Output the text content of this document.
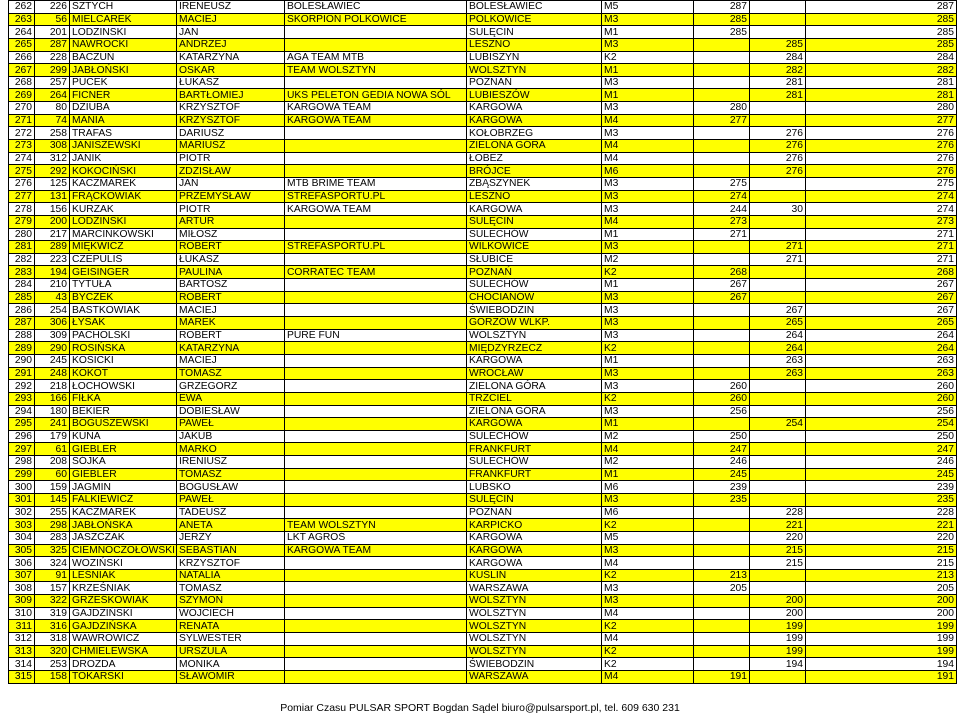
262	226	SZTYCH	IRENEUSZ	BOLESŁAWIEC	BOLESŁAWIEC	M5	287		287
263	56	MIELCAREK	MACIEJ	SKORPION POLKOWICE	POLKOWICE	M3	285		285
264	201	LODZINSKI	JAN		SULĘCIN	M1	285		285
265	287	NAWROCKI	ANDRZEJ		LESZNO	M3		285	285
266	228	BACZUŃ	KATARZYNA	AGA TEAM MTB	LUBISZYN	K2		284	284
267	299	JABŁOŃSKI	OSKAR	TEAM WOLSZTYN	WOLSZTYN	M1		282	282
268	257	PUCEK	ŁUKASZ		POZNAŃ	M3		281	281
269	264	FICNER	BARTŁOMIEJ	UKS PELETON GEDIA NOWA SÓL	LUBIESZÓW	M1		281	281
270	80	DZIUBA	KRZYSZTOF	KARGOWA TEAM	KARGOWA	M3	280		280
271	74	MANIA	KRZYSZTOF	KARGOWA TEAM	KARGOWA	M4	277		277
272	258	TRAFAS	DARIUSZ		KOŁOBRZEG	M3		276	276
273	308	JANISZEWSKI	MARIUSZ		ZIELONA GÓRA	M4		276	276
274	312	JANIK	PIOTR		ŁOBEZ	M4		276	276
275	292	KOKOCIŃSKI	ZDZISŁAW		BRÓJCE	M6		276	276
276	125	KACZMAREK	JAN	MTB BRIME TEAM	ZBĄSZYNEK	M3	275		275
277	131	FRĄCKOWIAK	PRZEMYSŁAW	STREFASPORTU.PL	LESZNO	M3	274		274
278	156	KURZAK	PIOTR	KARGOWA TEAM	KARGOWA	M3	244	30	274
279	200	LODZINSKI	ARTUR		SULĘCIN	M4	273		273
280	217	MARCINKOWSKI	MIŁOSZ		SULECHÓW	M1	271		271
281	289	MIĘKWICZ	ROBERT	STREFASPORTU.PL	WILKOWICE	M3		271	271
282	223	CZEPULIS	ŁUKASZ		SŁUBICE	M2		271	271
283	194	GEISINGER	PAULINA	CORRATEC TEAM	POZNAŃ	K2	268		268
284	210	TYTUŁA	BARTOSZ		SULECHÓW	M1	267		267
285	43	BYCZEK	ROBERT		CHOCIANÓW	M3	267		267
286	254	BASTKOWIAK	MACIEJ		ŚWIEBODZIN	M3		267	267
287	306	ŁYSAK	MAREK		GORZÓW WLKP.	M3		265	265
288	309	PACHOLSKI	ROBERT	PURE FUN	WOLSZTYN	M3		264	264
289	290	ROSIŃSKA	KATARZYNA		MIĘDZYRZECZ	K2		264	264
290	245	KOSICKI	MACIEJ		KARGOWA	M1		263	263
291	248	KOKOT	TOMASZ		WROCŁAW	M3		263	263
292	218	ŁOCHOWSKI	GRZEGORZ		ZIELONA GÓRA	M3	260		260
293	166	FIŁKA	EWA		TRZCIEL	K2	260		260
294	180	BEKIER	DOBIESŁAW		ZIELONA GÓRA	M3	256		256
295	241	BOGUSZEWSKI	PAWEŁ		KARGOWA	M1		254	254
296	179	KUNA	JAKUB		SULECHÓW	M2	250		250
297	61	GIEBLER	MARKO		FRANKFURT	M4	247		247
298	208	SÓJKA	IRENIUSZ		SULECHÓW	M2	246		246
299	60	GIEBLER	TOMASZ		FRANKFURT	M1	245		245
300	159	JAGMIN	BOGUSŁAW		LUBSKO	M6	239		239
301	145	FALKIEWICZ	PAWEŁ		SULĘCIN	M3	235		235
302	255	KACZMAREK	TADEUSZ		POZNAŃ	M6		228	228
303	298	JABŁOŃSKA	ANETA	TEAM WOLSZTYN	KARPICKO	K2		221	221
304	283	JASZCZAK	JERZY	LKT AGROŚ	KARGOWA	M5		220	220
305	325	CIEMNOCZOŁOWSKI	SEBASTIAN	KARGOWA TEAM	KARGOWA	M3		215	215
306	324	WOZIŃSKI	KRZYSZTOF		KARGOWA	M4		215	215
307	91	LEŚNIAK	NATALIA		KUŚLIN	K2	213		213
308	157	KRZEŚNIAK	TOMASZ		WARSZAWA	M3	205		205
309	322	GRZEŚKOWIAK	SZYMON		WOLSZTYN	M3		200	200
310	319	GAJDZIŃSKI	WOJCIECH		WOLSZTYN	M4		200	200
311	316	GAJDZIŃSKA	RENATA		WOLSZTYN	K2		199	199
312	318	WAWROWICZ	SYLWESTER		WOLSZTYN	M4		199	199
313	320	CHMIELEWSKA	URSZULA		WOLSZTYN	K2		199	199
314	253	DROZDA	MONIKA		ŚWIEBODZIN	K2		194	194
315	158	TOKARSKI	SŁAWOMIR		WARSZAWA	M4	191		191
Pomiar Czasu PULSAR SPORT Bogdan Sądel biuro@pulsarsport.pl, tel. 609 630 231
